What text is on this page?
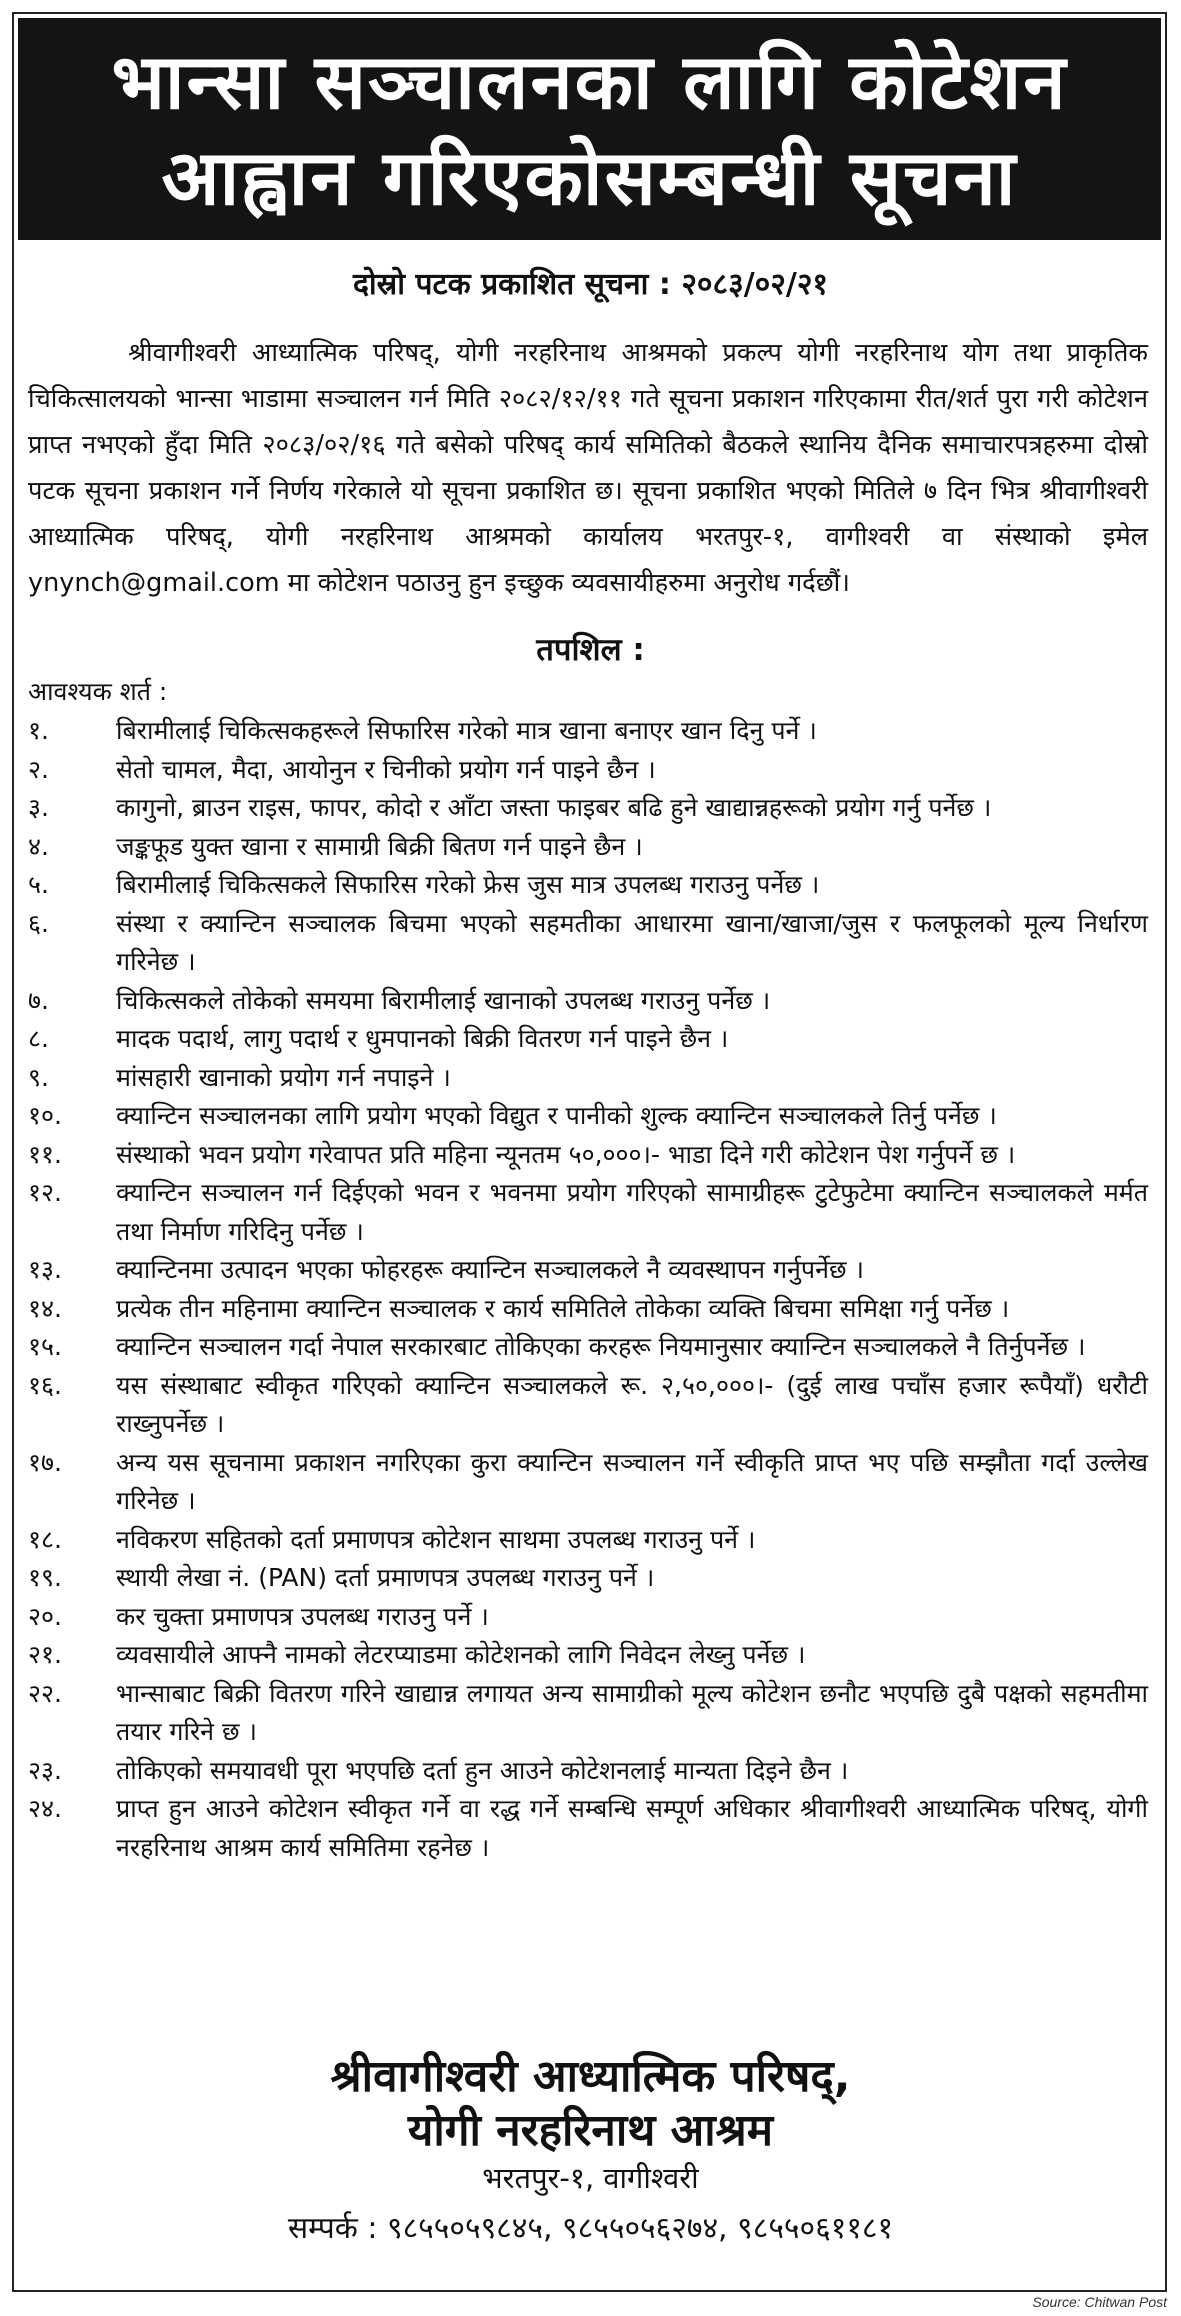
भान्सा सञ्चालनका लागि कोटेशन
आह्वान गरिएकोसम्बन्धी सूचना
दोस्रो पटक प्रकाशित सूचना : २०८३/०२/२१

श्रीवागीश्वरी आध्यात्मिक परिषद्, योगी नरहरिनाथ आश्रमको प्रकल्प योगी नरहरिनाथ योग तथा प्राकृतिक चिकित्सालयको भान्सा भाडामा सञ्चालन गर्न मिति २०८२/१२/११ गते सूचना प्रकाशन गरिएकामा रीत/शर्त पुरा गरी कोटेशन प्राप्त नभएको हुँदा मिति २०८३/०२/१६ गते बसेको परिषद् कार्य समितिको बैठकले स्थानिय दैनिक समाचारपत्रहरुमा दोस्रो पटक सूचना प्रकाशन गर्ने निर्णय गरेकाले यो सूचना प्रकाशित छ। सूचना प्रकाशित भएको मितिले ७ दिन भित्र श्रीवागीश्वरी आध्यात्मिक परिषद्, योगी नरहरिनाथ आश्रमको कार्यालय भरतपुर-१, वागीश्वरी वा संस्थाको इमेल ynynch@gmail.com मा कोटेशन पठाउनु हुन इच्छुक व्यवसायीहरुमा अनुरोध गर्दछौं।

तपशिल :
आवश्यक शर्त :
१.	बिरामीलाई चिकित्सकहरूले सिफारिस गरेको मात्र खाना बनाएर खान दिनु पर्ने ।
२.	सेतो चामल, मैदा, आयोनुन र चिनीको प्रयोग गर्न पाइने छैन ।
३.	कागुनो, ब्राउन राइस, फापर, कोदो र आँटा जस्ता फाइबर बढि हुने खाद्यान्नहरूको प्रयोग गर्नु पर्नेछ ।
४.	जङ्कफूड युक्त खाना र सामाग्री बिक्री बितण गर्न पाइने छैन ।
५.	बिरामीलाई चिकित्सकले सिफारिस गरेको फ्रेस जुस मात्र उपलब्ध गराउनु पर्नेछ ।
६.	संस्था र क्यान्टिन सञ्चालक बिचमा भएको सहमतीका आधारमा खाना/खाजा/जुस र फलफूलको मूल्य निर्धारण गरिनेछ ।
७.	चिकित्सकले तोकेको समयमा बिरामीलाई खानाको उपलब्ध गराउनु पर्नेछ ।
८.	मादक पदार्थ, लागु पदार्थ र धुमपानको बिक्री वितरण गर्न पाइने छैन ।
९.	मांसहारी खानाको प्रयोग गर्न नपाइने ।
१०.	क्यान्टिन सञ्चालनका लागि प्रयोग भएको विद्युत र पानीको शुल्क क्यान्टिन सञ्चालकले तिर्नु पर्नेछ ।
११.	संस्थाको भवन प्रयोग गरेवापत प्रति महिना न्यूनतम ५०,०००।- भाडा दिने गरी कोटेशन पेश गर्नुपर्ने छ ।
१२.	क्यान्टिन सञ्चालन गर्न दिईएको भवन र भवनमा प्रयोग गरिएको सामाग्रीहरू टुटेफुटेमा क्यान्टिन सञ्चालकले मर्मत तथा निर्माण गरिदिनु पर्नेछ ।
१३.	क्यान्टिनमा उत्पादन भएका फोहरहरू क्यान्टिन सञ्चालकले नै व्यवस्थापन गर्नुपर्नेछ ।
१४.	प्रत्येक तीन महिनामा क्यान्टिन सञ्चालक र कार्य समितिले तोकेका व्यक्ति बिचमा समिक्षा गर्नु पर्नेछ ।
१५.	क्यान्टिन सञ्चालन गर्दा नेपाल सरकारबाट तोकिएका करहरू नियमानुसार क्यान्टिन सञ्चालकले नै तिर्नुपर्नेछ ।
१६.	यस संस्थाबाट स्वीकृत गरिएको क्यान्टिन सञ्चालकले रू. २,५०,०००।- (दुई लाख पचाँस हजार रूपैयाँ) धरौटी राख्नुपर्नेछ ।
१७.	अन्य यस सूचनामा प्रकाशन नगरिएका कुरा क्यान्टिन सञ्चालन गर्ने स्वीकृति प्राप्त भए पछि सम्झौता गर्दा उल्लेख गरिनेछ ।
१८.	नविकरण सहितको दर्ता प्रमाणपत्र कोटेशन साथमा उपलब्ध गराउनु पर्ने ।
१९.	स्थायी लेखा नं. (PAN) दर्ता प्रमाणपत्र उपलब्ध गराउनु पर्ने ।
२०.	कर चुक्ता प्रमाणपत्र उपलब्ध गराउनु पर्ने ।
२१.	व्यवसायीले आफ्नै नामको लेटरप्याडमा कोटेशनको लागि निवेदन लेख्नु पर्नेछ ।
२२.	भान्साबाट बिक्री वितरण गरिने खाद्यान्न लगायत अन्य सामाग्रीको मूल्य कोटेशन छनौट भएपछि दुबै पक्षको सहमतीमा तयार गरिने छ ।
२३.	तोकिएको समयावधी पूरा भएपछि दर्ता हुन आउने कोटेशनलाई मान्यता दिइने छैन ।
२४.	प्राप्त हुन आउने कोटेशन स्वीकृत गर्ने वा रद्ध गर्ने सम्बन्धि सम्पूर्ण अधिकार श्रीवागीश्वरी आध्यात्मिक परिषद्, योगी नरहरिनाथ आश्रम कार्य समितिमा रहनेछ ।
श्रीवागीश्वरी आध्यात्मिक परिषद्,
योगी नरहरिनाथ आश्रम
भरतपुर-१, वागीश्वरी
सम्पर्क : ९८५५०५९८४५, ९८५५०५६२७४, ९८५५०६११८१
Source: Chitwan Post
